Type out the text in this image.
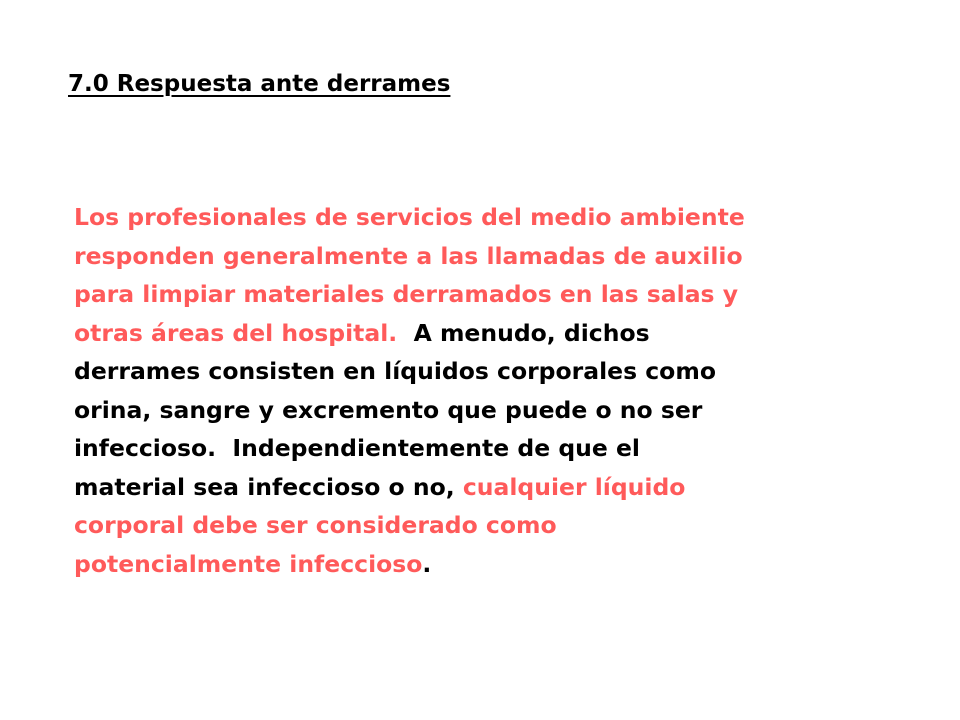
7.0 Respuesta ante derrames

Los profesionales de servicios del medio ambiente
responden generalmente a las llamadas de auxilio
para limpiar materiales derramados en las salas y
otras áreas del hospital.  A menudo, dichos
derrames consisten en líquidos corporales como
orina, sangre y excremento que puede o no ser
infeccioso.  Independientemente de que el
material sea infeccioso o no, cualquier líquido
corporal debe ser considerado como
potencialmente infeccioso.
